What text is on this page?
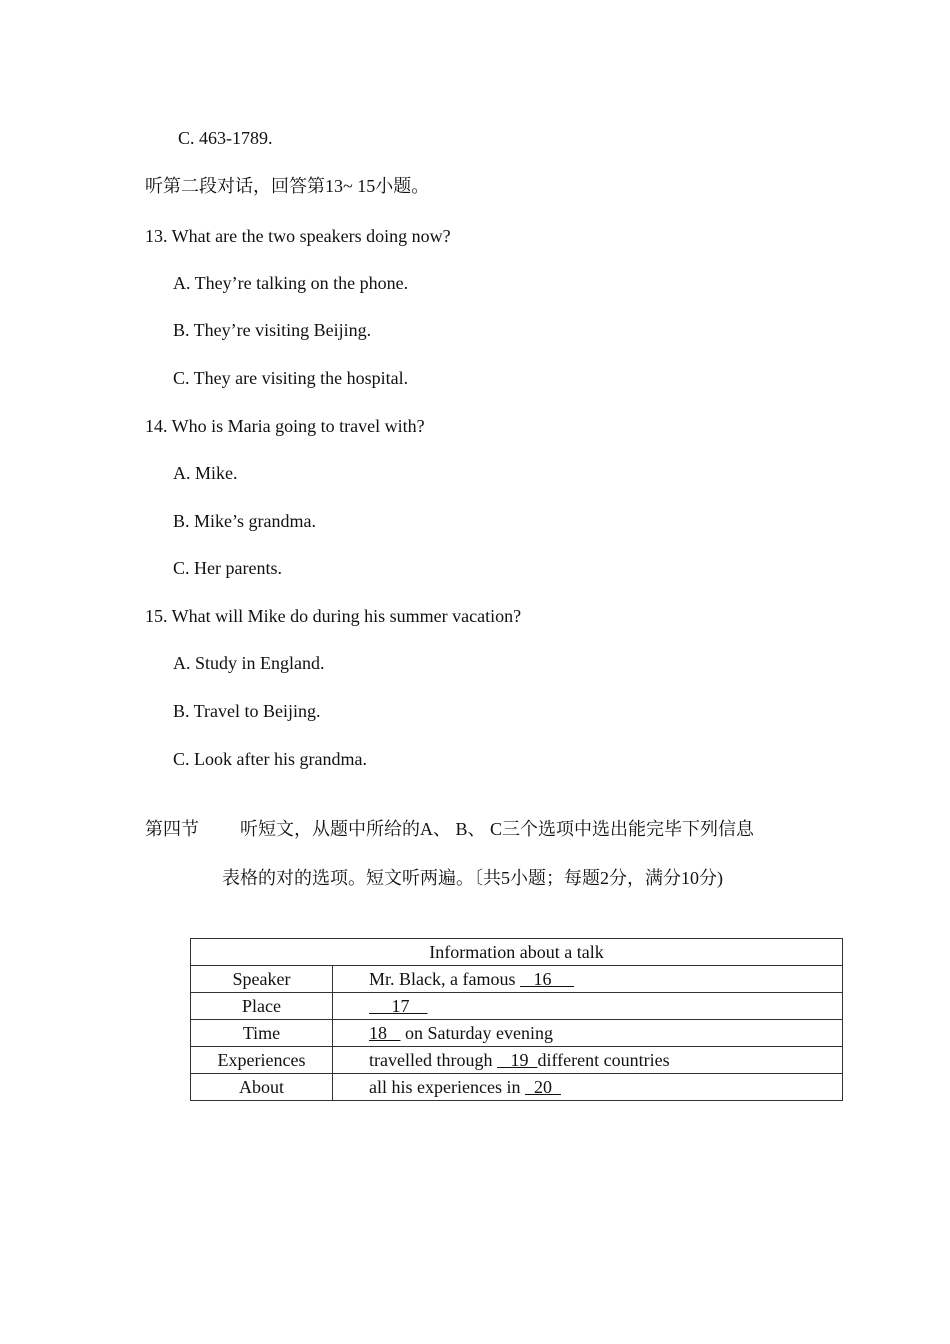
C. 463-1789.
听第二段对话，回答第13~ 15小题。
13. What are the two speakers doing now?
A. They’re talking on the phone.
B. They’re visiting Beijing.
C. They are visiting the hospital.
14. Who is Maria going to travel with?
A. Mike.
B. Mike’s grandma.
C. Her parents.
15. What will Mike do during his summer vacation?
A. Study in England.
B. Travel to Beijing.
C. Look after his grandma.
第四节 听短文，从题中所给的A、 B、 C三个选项中选出能完毕下列信息
表格的对的选项。短文听两遍。〔共5小题；每题2分，满分10分)
Information about a talk	
Speaker	Mr. Black, a famous    16
Place	17
Time	18    on Saturday evening
Experiences	travelled through    19  different countries
About	all his experiences in   20
